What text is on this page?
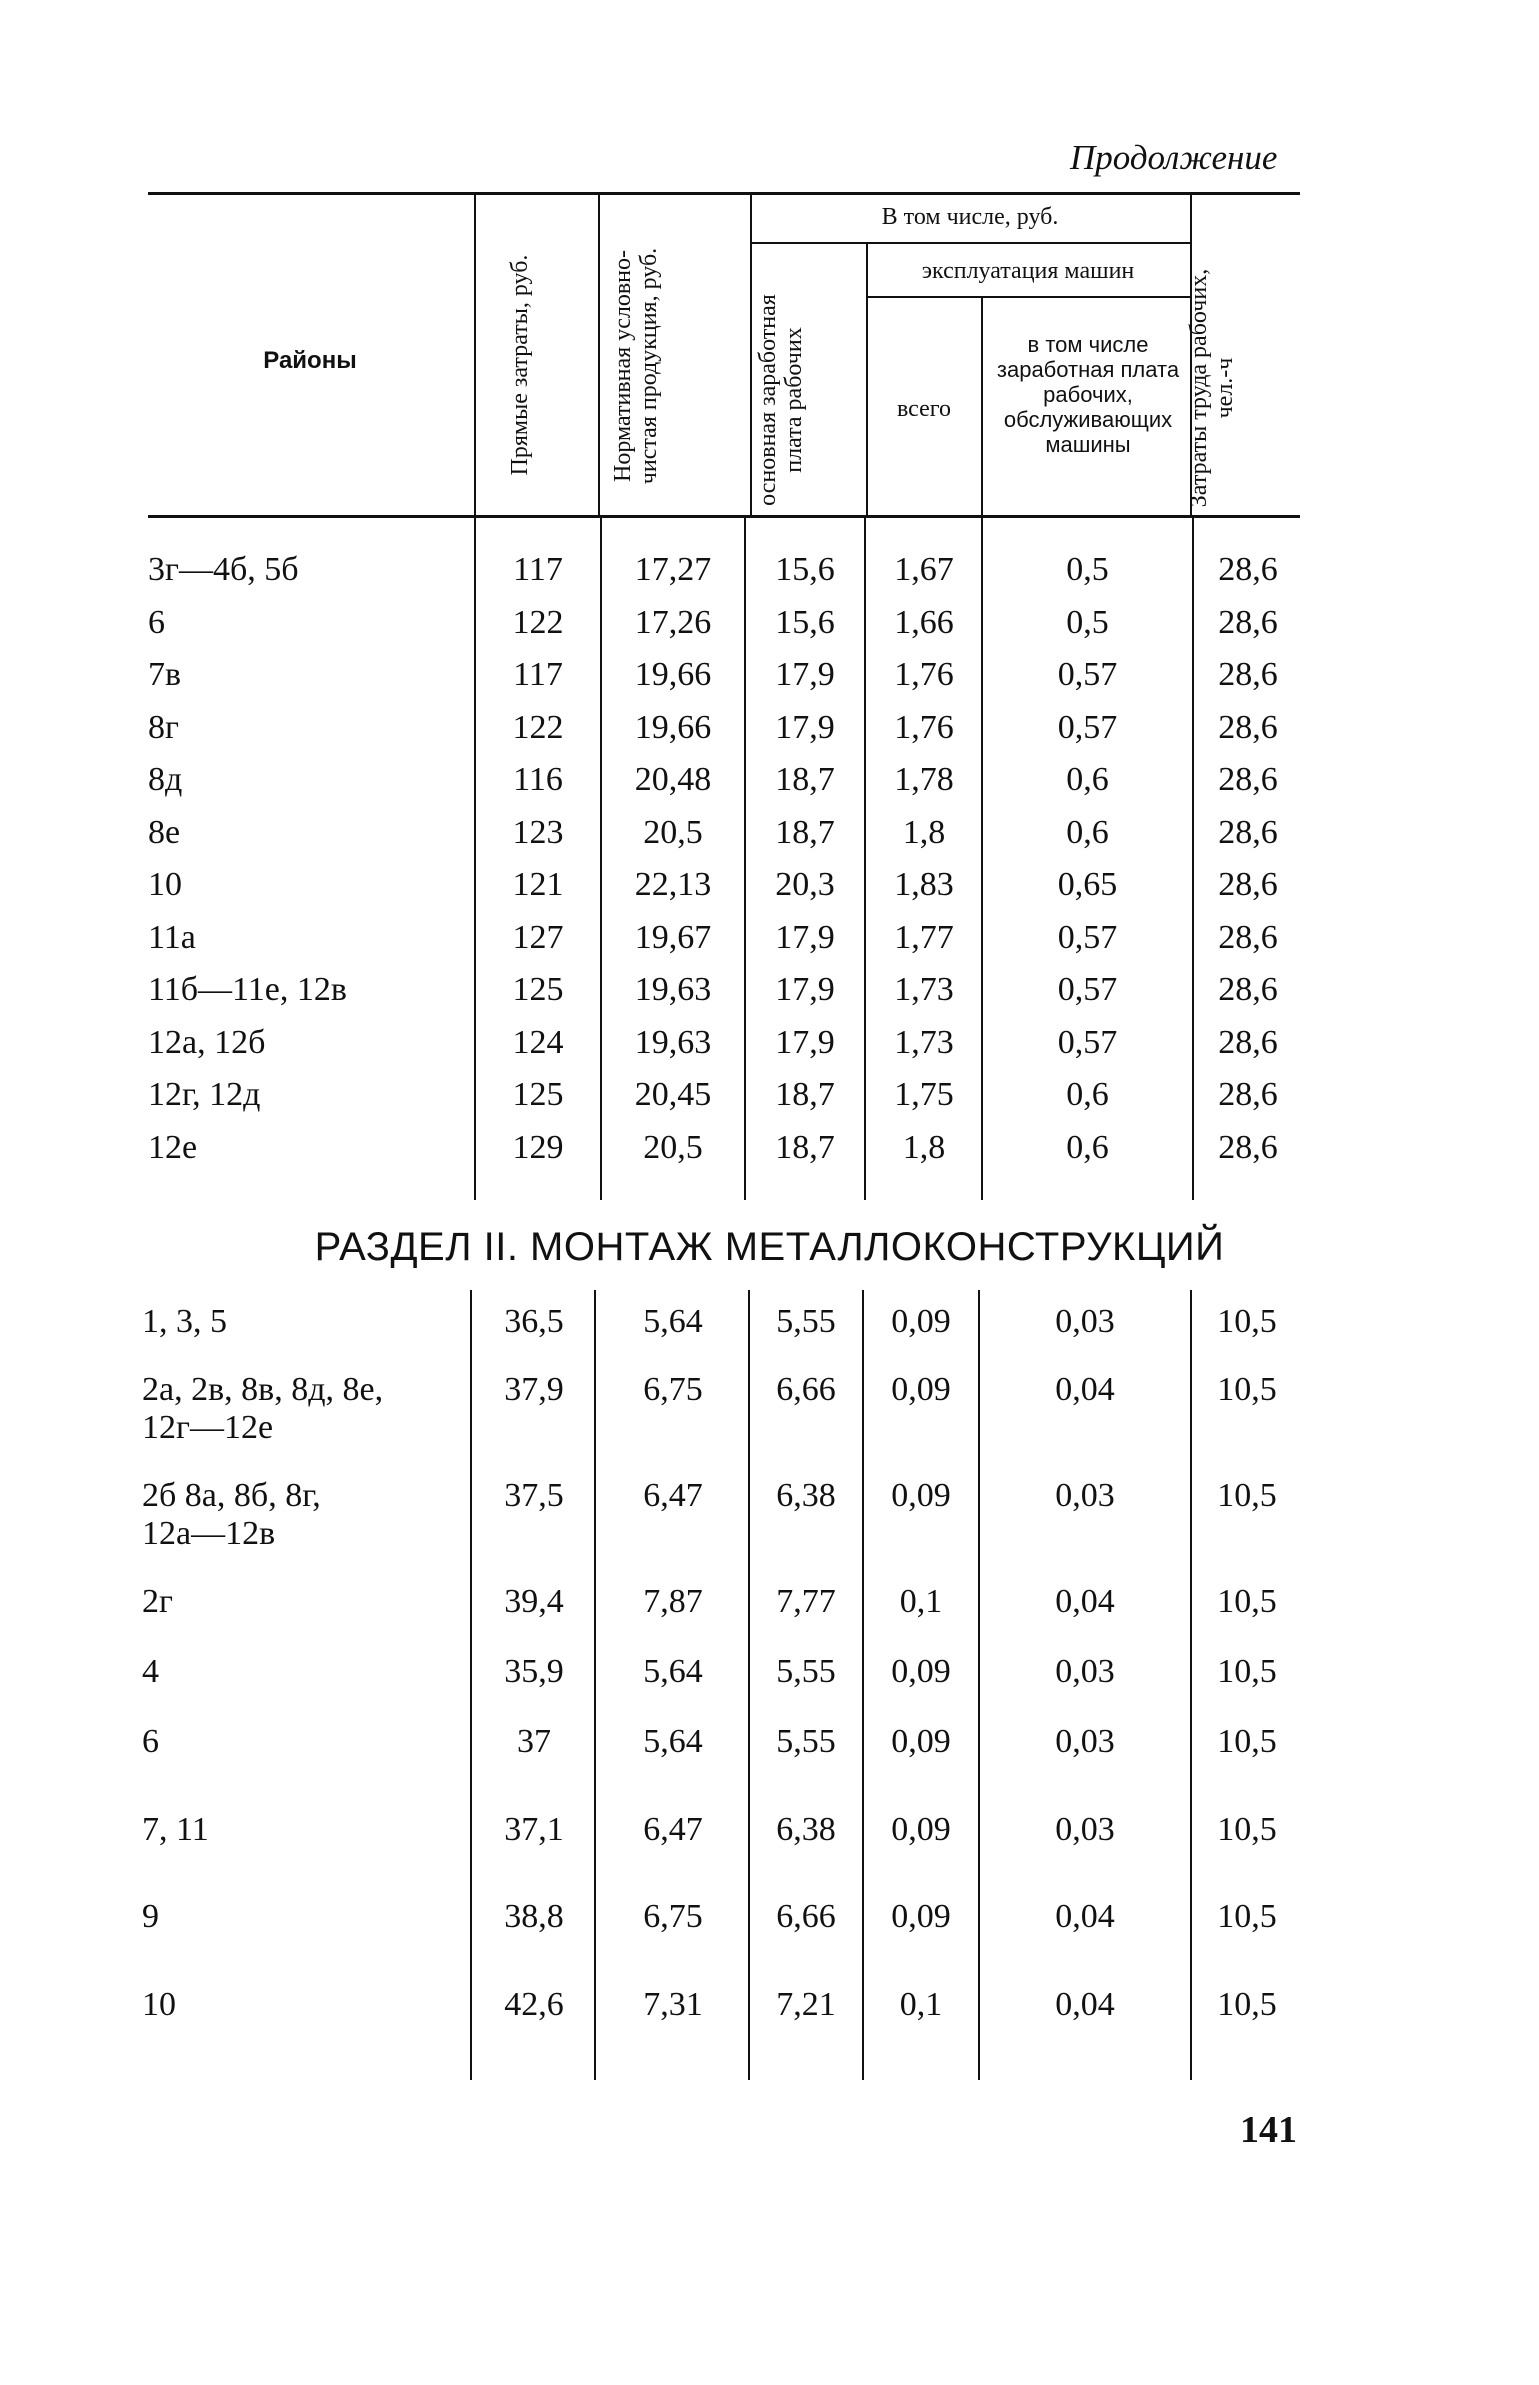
Продолжение
Районы	Прямые затраты, руб.	Нормативная условно-чистая продукция, руб.
В том числе, руб.
основная заработная плата рабочих
эксплуатация машин
всего
в том числе заработная плата рабочих, обслуживающих машины	Затраты труда рабочих, чел.-ч
3г—4б, 5б	117	17,27	15,6	1,67	0,5	28,6
6	122	17,26	15,6	1,66	0,5	28,6
7в	117	19,66	17,9	1,76	0,57	28,6
8г	122	19,66	17,9	1,76	0,57	28,6
8д	116	20,48	18,7	1,78	0,6	28,6
8е	123	20,5	18,7	1,8	0,6	28,6
10	121	22,13	20,3	1,83	0,65	28,6
11а	127	19,67	17,9	1,77	0,57	28,6
11б—11е, 12в	125	19,63	17,9	1,73	0,57	28,6
12а, 12б	124	19,63	17,9	1,73	0,57	28,6
12г, 12д	125	20,45	18,7	1,75	0,6	28,6
12е	129	20,5	18,7	1,8	0,6	28,6
РАЗДЕЛ II. МОНТАЖ МЕТАЛЛОКОНСТРУКЦИЙ
1, 3, 5	36,5	5,64	5,55	0,09	0,03	10,5
2а, 2в, 8в, 8д, 8е,
12г—12е
37,9	6,75	6,66	0,09	0,04	10,5
2б 8а, 8б, 8г,
12а—12в
37,5	6,47	6,38	0,09	0,03	10,5
2г	39,4	7,87	7,77	0,1	0,04	10,5
4	35,9	5,64	5,55	0,09	0,03	10,5
6	37	5,64	5,55	0,09	0,03	10,5
7, 11	37,1	6,47	6,38	0,09	0,03	10,5
9	38,8	6,75	6,66	0,09	0,04	10,5
10	42,6	7,31	7,21	0,1	0,04	10,5
141
